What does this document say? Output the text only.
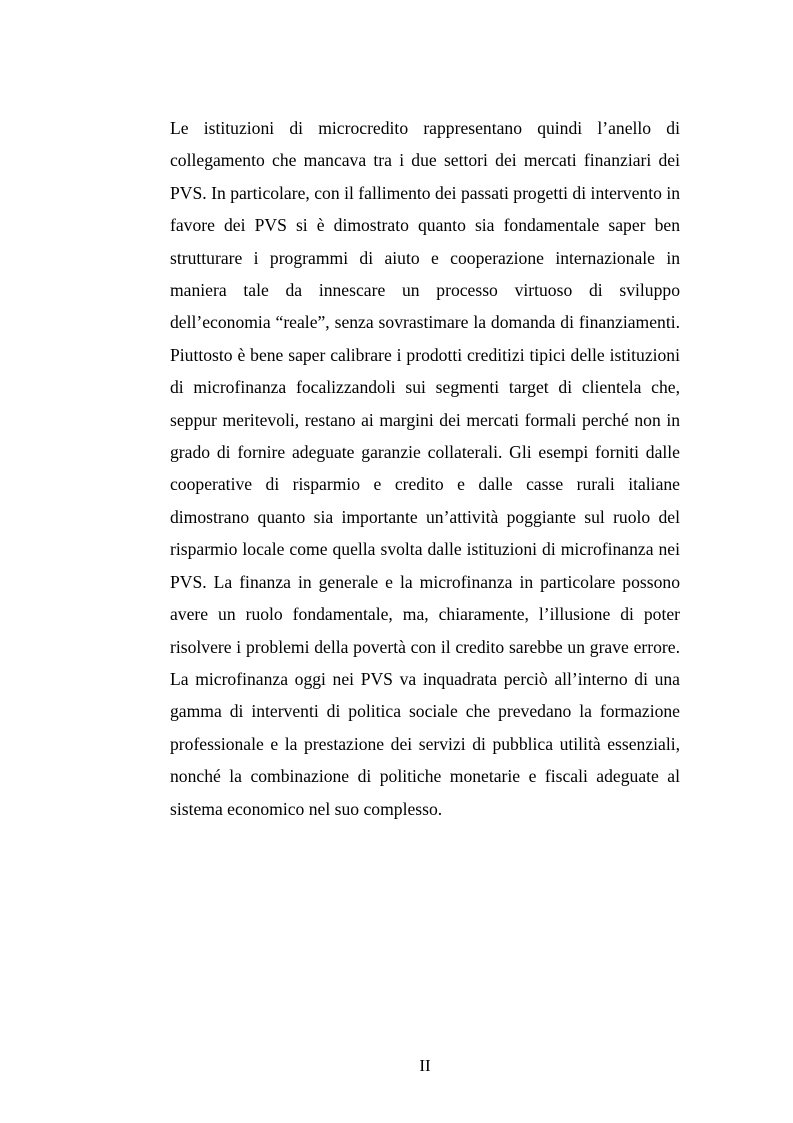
Le istituzioni di microcredito rappresentano quindi l’anello di collegamento che mancava tra i due settori dei mercati finanziari dei PVS. In particolare, con il fallimento dei passati progetti di intervento in favore dei PVS si è dimostrato quanto sia fondamentale saper ben strutturare i programmi di aiuto e cooperazione internazionale in maniera tale da innescare un processo virtuoso di sviluppo dell’economia “reale”, senza sovrastimare la domanda di finanziamenti. Piuttosto è bene saper calibrare i prodotti creditizi tipici delle istituzioni di microfinanza focalizzandoli sui segmenti target di clientela che, seppur meritevoli, restano ai margini dei mercati formali perché non in grado di fornire adeguate garanzie collaterali. Gli esempi forniti dalle cooperative di risparmio e credito e dalle casse rurali italiane dimostrano quanto sia importante un’attività poggiante sul ruolo del risparmio locale come quella svolta dalle istituzioni di microfinanza nei PVS. La finanza in generale e la microfinanza in particolare possono avere un ruolo fondamentale, ma, chiaramente, l’illusione di poter risolvere i problemi della povertà con il credito sarebbe un grave errore. La microfinanza oggi nei PVS va inquadrata perciò all’interno di una gamma di interventi di politica sociale che prevedano la formazione professionale e la prestazione dei servizi di pubblica utilità essenziali, nonché la combinazione di politiche monetarie e fiscali adeguate al sistema economico nel suo complesso.

II
